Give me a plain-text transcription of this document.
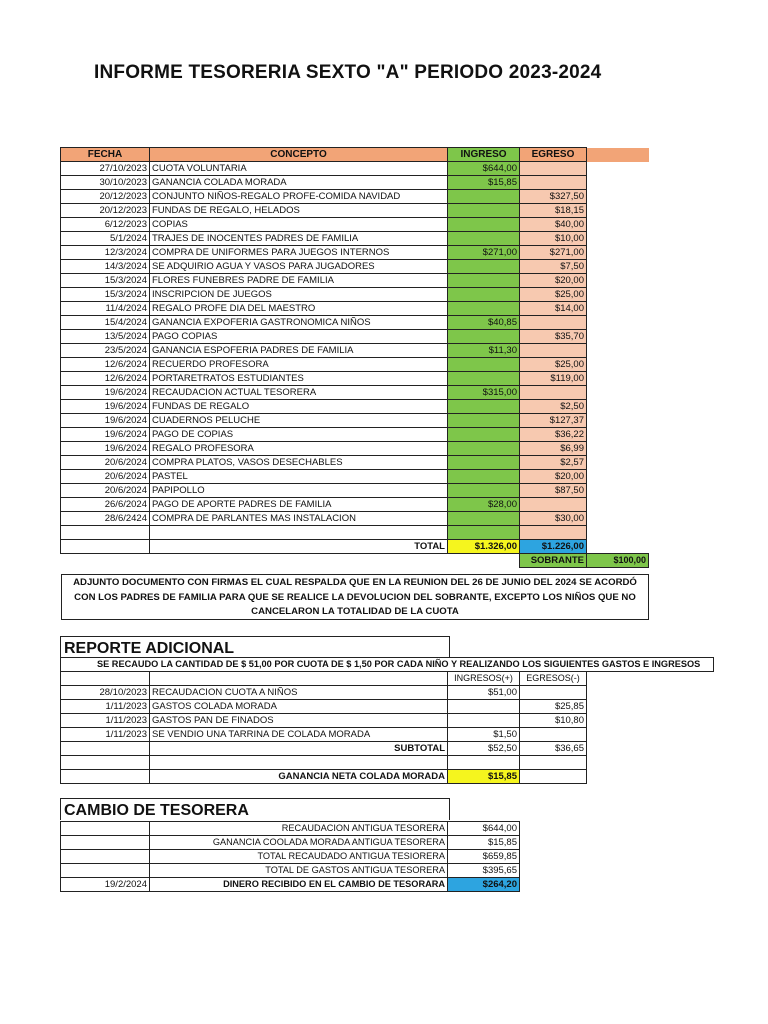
INFORME TESORERIA SEXTO "A" PERIODO 2023-2024
FECHA	CONCEPTO	INGRESO	EGRESO	
27/10/2023	CUOTA VOLUNTARIA	$644,00		
30/10/2023	GANANCIA COLADA MORADA	$15,85		
20/12/2023	CONJUNTO NIÑOS-REGALO PROFE-COMIDA NAVIDAD		$327,50	
20/12/2023	FUNDAS DE REGALO, HELADOS		$18,15	
6/12/2023	COPIAS		$40,00	
5/1/2024	TRAJES DE INOCENTES PADRES DE FAMILIA		$10,00	
12/3/2024	COMPRA DE UNIFORMES PARA JUEGOS INTERNOS	$271,00	$271,00	
14/3/2024	SE ADQUIRIO AGUA Y VASOS PARA JUGADORES		$7,50	
15/3/2024	FLORES FUNEBRES PADRE DE FAMILIA		$20,00	
15/3/2024	INSCRIPCION DE JUEGOS		$25,00	
11/4/2024	REGALO PROFE DIA DEL MAESTRO		$14,00	
15/4/2024	GANANCIA EXPOFERIA GASTRONOMICA NIÑOS	$40,85		
13/5/2024	PAGO COPIAS		$35,70	
23/5/2024	GANANCIA ESPOFERIA PADRES DE FAMILIA	$11,30		
12/6/2024	RECUERDO PROFESORA		$25,00	
12/6/2024	PORTARETRATOS ESTUDIANTES		$119,00	
19/6/2024	RECAUDACION ACTUAL TESORERA	$315,00		
19/6/2024	FUNDAS DE REGALO		$2,50	
19/6/2024	CUADERNOS PELUCHE		$127,37	
19/6/2024	PAGO DE COPIAS		$36,22	
19/6/2024	REGALO PROFESORA		$6,99	
20/6/2024	COMPRA PLATOS, VASOS DESECHABLES		$2,57	
20/6/2024	PASTEL		$20,00	
20/6/2024	PAPIPOLLO		$87,50	
26/6/2024	PAGO DE APORTE PADRES DE FAMILIA	$28,00		
28/6/2424	COMPRA DE PARLANTES MAS INSTALACION		$30,00	

	TOTAL	$1.326,00	$1.226,00	
			SOBRANTE	$100,00
ADJUNTO DOCUMENTO CON FIRMAS EL CUAL RESPALDA QUE EN LA REUNION DEL 26 DE JUNIO DEL 2024 SE ACORDÓ CON LOS PADRES DE FAMILIA PARA QUE SE REALICE LA DEVOLUCION DEL SOBRANTE, EXCEPTO LOS NIÑOS QUE NO CANCELARON LA TOTALIDAD DE LA CUOTA
REPORTE ADICIONAL
SE RECAUDO LA CANTIDAD DE $ 51,00 POR CUOTA DE $ 1,50 POR CADA NIÑO Y REALIZANDO LOS SIGUIENTES GASTOS E INGRESOS
		INGRESOS(+)	EGRESOS(-)
28/10/2023	RECAUDACION CUOTA A NIÑOS	$51,00	
1/11/2023	GASTOS COLADA MORADA		$25,85
1/11/2023	GASTOS PAN DE FINADOS		$10,80
1/11/2023	SE VENDIO UNA TARRINA DE COLADA MORADA	$1,50	
	SUBTOTAL	$52,50	$36,65

	GANANCIA NETA COLADA MORADA	$15,85	
CAMBIO DE TESORERA
	RECAUDACION ANTIGUA TESORERA	$644,00
	GANANCIA COOLADA MORADA ANTIGUA TESORERA	$15,85
	TOTAL RECAUDADO ANTIGUA TESIORERA	$659,85
	TOTAL DE GASTOS ANTIGUA TESORERA	$395,65
19/2/2024	DINERO RECIBIDO EN EL CAMBIO DE TESORARA	$264,20
